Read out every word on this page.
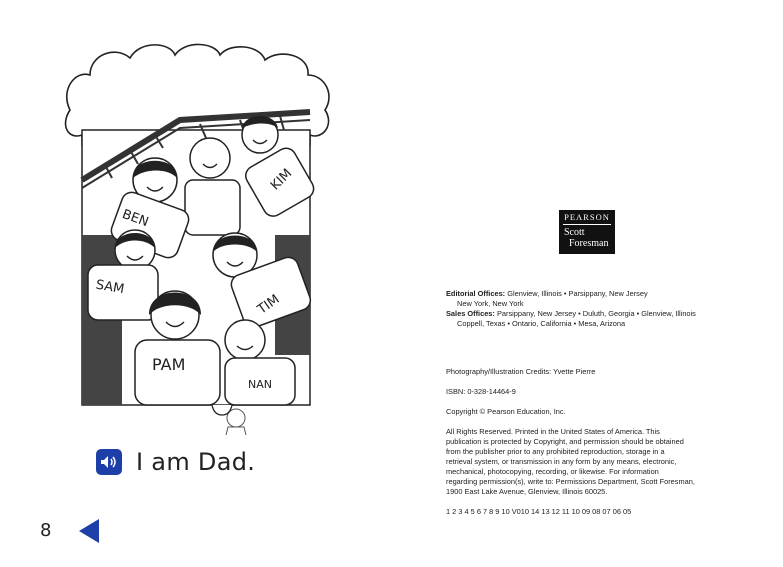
KIM
BEN
SAM
TIM
PAM
NAN
I am Dad.
8
PEARSON
Scott
Foresman

Editorial Offices: Glenview, Illinois • Parsippany, New Jersey

New York, New York

Sales Offices: Parsippany, New Jersey • Duluth, Georgia • Glenview, Illinois

Coppell, Texas • Ontario, California • Mesa, Arizona

Photography/Illustration Credits: Yvette Pierre

ISBN: 0-328-14464-9

Copyright © Pearson Education, Inc.

All Rights Reserved. Printed in the United States of America. This

publication is protected by Copyright, and permission should be obtained

from the publisher prior to any prohibited reproduction, storage in a

retrieval system, or transmission in any form by any means, electronic,

mechanical, photocopying, recording, or likewise. For information

regarding permission(s), write to: Permissions Department, Scott Foresman,

1900 East Lake Avenue, Glenview, Illinois 60025.

1 2 3 4 5 6 7 8 9 10 V010 14 13 12 11 10 09 08 07 06 05
